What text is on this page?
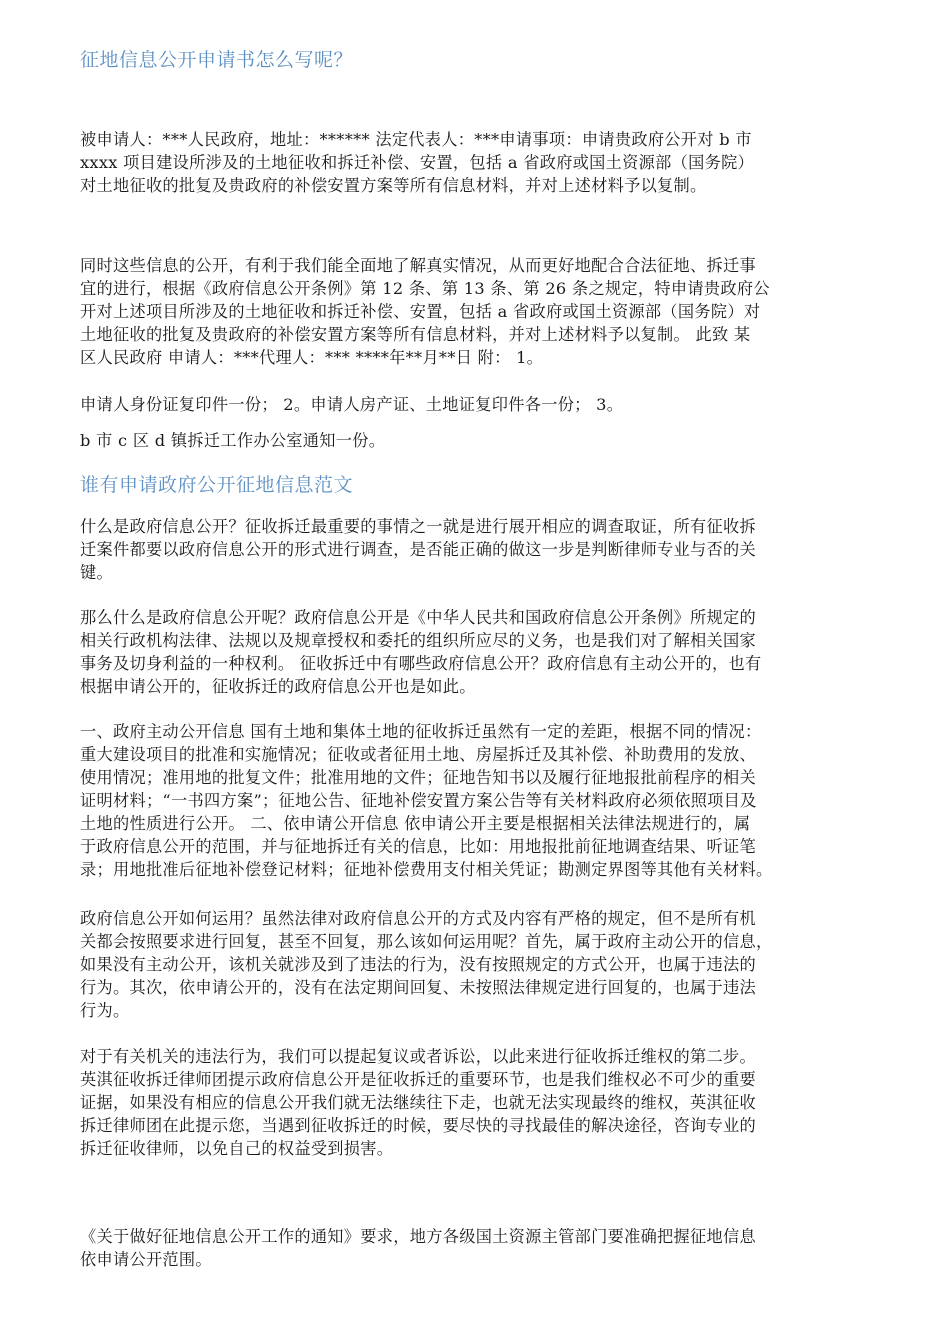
征地信息公开申请书怎么写呢？

被申请人：***人民政府，地址：****** 法定代表人：***申请事项：申请贵政府公开对 b 市
xxxx 项目建设所涉及的土地征收和拆迁补偿、安置，包括 a 省政府或国土资源部（国务院）
对土地征收的批复及贵政府的补偿安置方案等所有信息材料，并对上述材料予以复制。

同时这些信息的公开，有利于我们能全面地了解真实情况，从而更好地配合合法征地、拆迁事
宜的进行，根据《政府信息公开条例》第 12 条、第 13 条、第 26 条之规定，特申请贵政府公
开对上述项目所涉及的土地征收和拆迁补偿、安置，包括 a 省政府或国土资源部（国务院）对
土地征收的批复及贵政府的补偿安置方案等所有信息材料，并对上述材料予以复制。 此致 某
区人民政府 申请人：***代理人：*** ****年**月**日 附： 1。

申请人身份证复印件一份； 2。申请人房产证、土地证复印件各一份； 3。

b 市 c 区 d 镇拆迁工作办公室通知一份。

谁有申请政府公开征地信息范文

什么是政府信息公开？征收拆迁最重要的事情之一就是进行展开相应的调查取证，所有征收拆
迁案件都要以政府信息公开的形式进行调查，是否能正确的做这一步是判断律师专业与否的关
键。

那么什么是政府信息公开呢？政府信息公开是《中华人民共和国政府信息公开条例》所规定的
相关行政机构法律、法规以及规章授权和委托的组织所应尽的义务，也是我们对了解相关国家
事务及切身利益的一种权利。 征收拆迁中有哪些政府信息公开？政府信息有主动公开的，也有
根据申请公开的，征收拆迁的政府信息公开也是如此。

一、政府主动公开信息 国有土地和集体土地的征收拆迁虽然有一定的差距，根据不同的情况：
重大建设项目的批准和实施情况；征收或者征用土地、房屋拆迁及其补偿、补助费用的发放、
使用情况；准用地的批复文件；批准用地的文件；征地告知书以及履行征地报批前程序的相关
证明材料；“一书四方案”；征地公告、征地补偿安置方案公告等有关材料政府必须依照项目及
土地的性质进行公开。 二、依申请公开信息 依申请公开主要是根据相关法律法规进行的，属
于政府信息公开的范围，并与征地拆迁有关的信息，比如：用地报批前征地调查结果、听证笔
录；用地批准后征地补偿登记材料；征地补偿费用支付相关凭证；勘测定界图等其他有关材料。

政府信息公开如何运用？虽然法律对政府信息公开的方式及内容有严格的规定，但不是所有机
关都会按照要求进行回复，甚至不回复，那么该如何运用呢？首先，属于政府主动公开的信息，
如果没有主动公开，该机关就涉及到了违法的行为，没有按照规定的方式公开，也属于违法的
行为。其次，依申请公开的，没有在法定期间回复、未按照法律规定进行回复的，也属于违法
行为。

对于有关机关的违法行为，我们可以提起复议或者诉讼，以此来进行征收拆迁维权的第二步。
英淇征收拆迁律师团提示政府信息公开是征收拆迁的重要环节，也是我们维权必不可少的重要
证据，如果没有相应的信息公开我们就无法继续往下走，也就无法实现最终的维权，英淇征收
拆迁律师团在此提示您，当遇到征收拆迁的时候，要尽快的寻找最佳的解决途径，咨询专业的
拆迁征收律师，以免自己的权益受到损害。

《关于做好征地信息公开工作的通知》要求，地方各级国土资源主管部门要准确把握征地信息
依申请公开范围。
